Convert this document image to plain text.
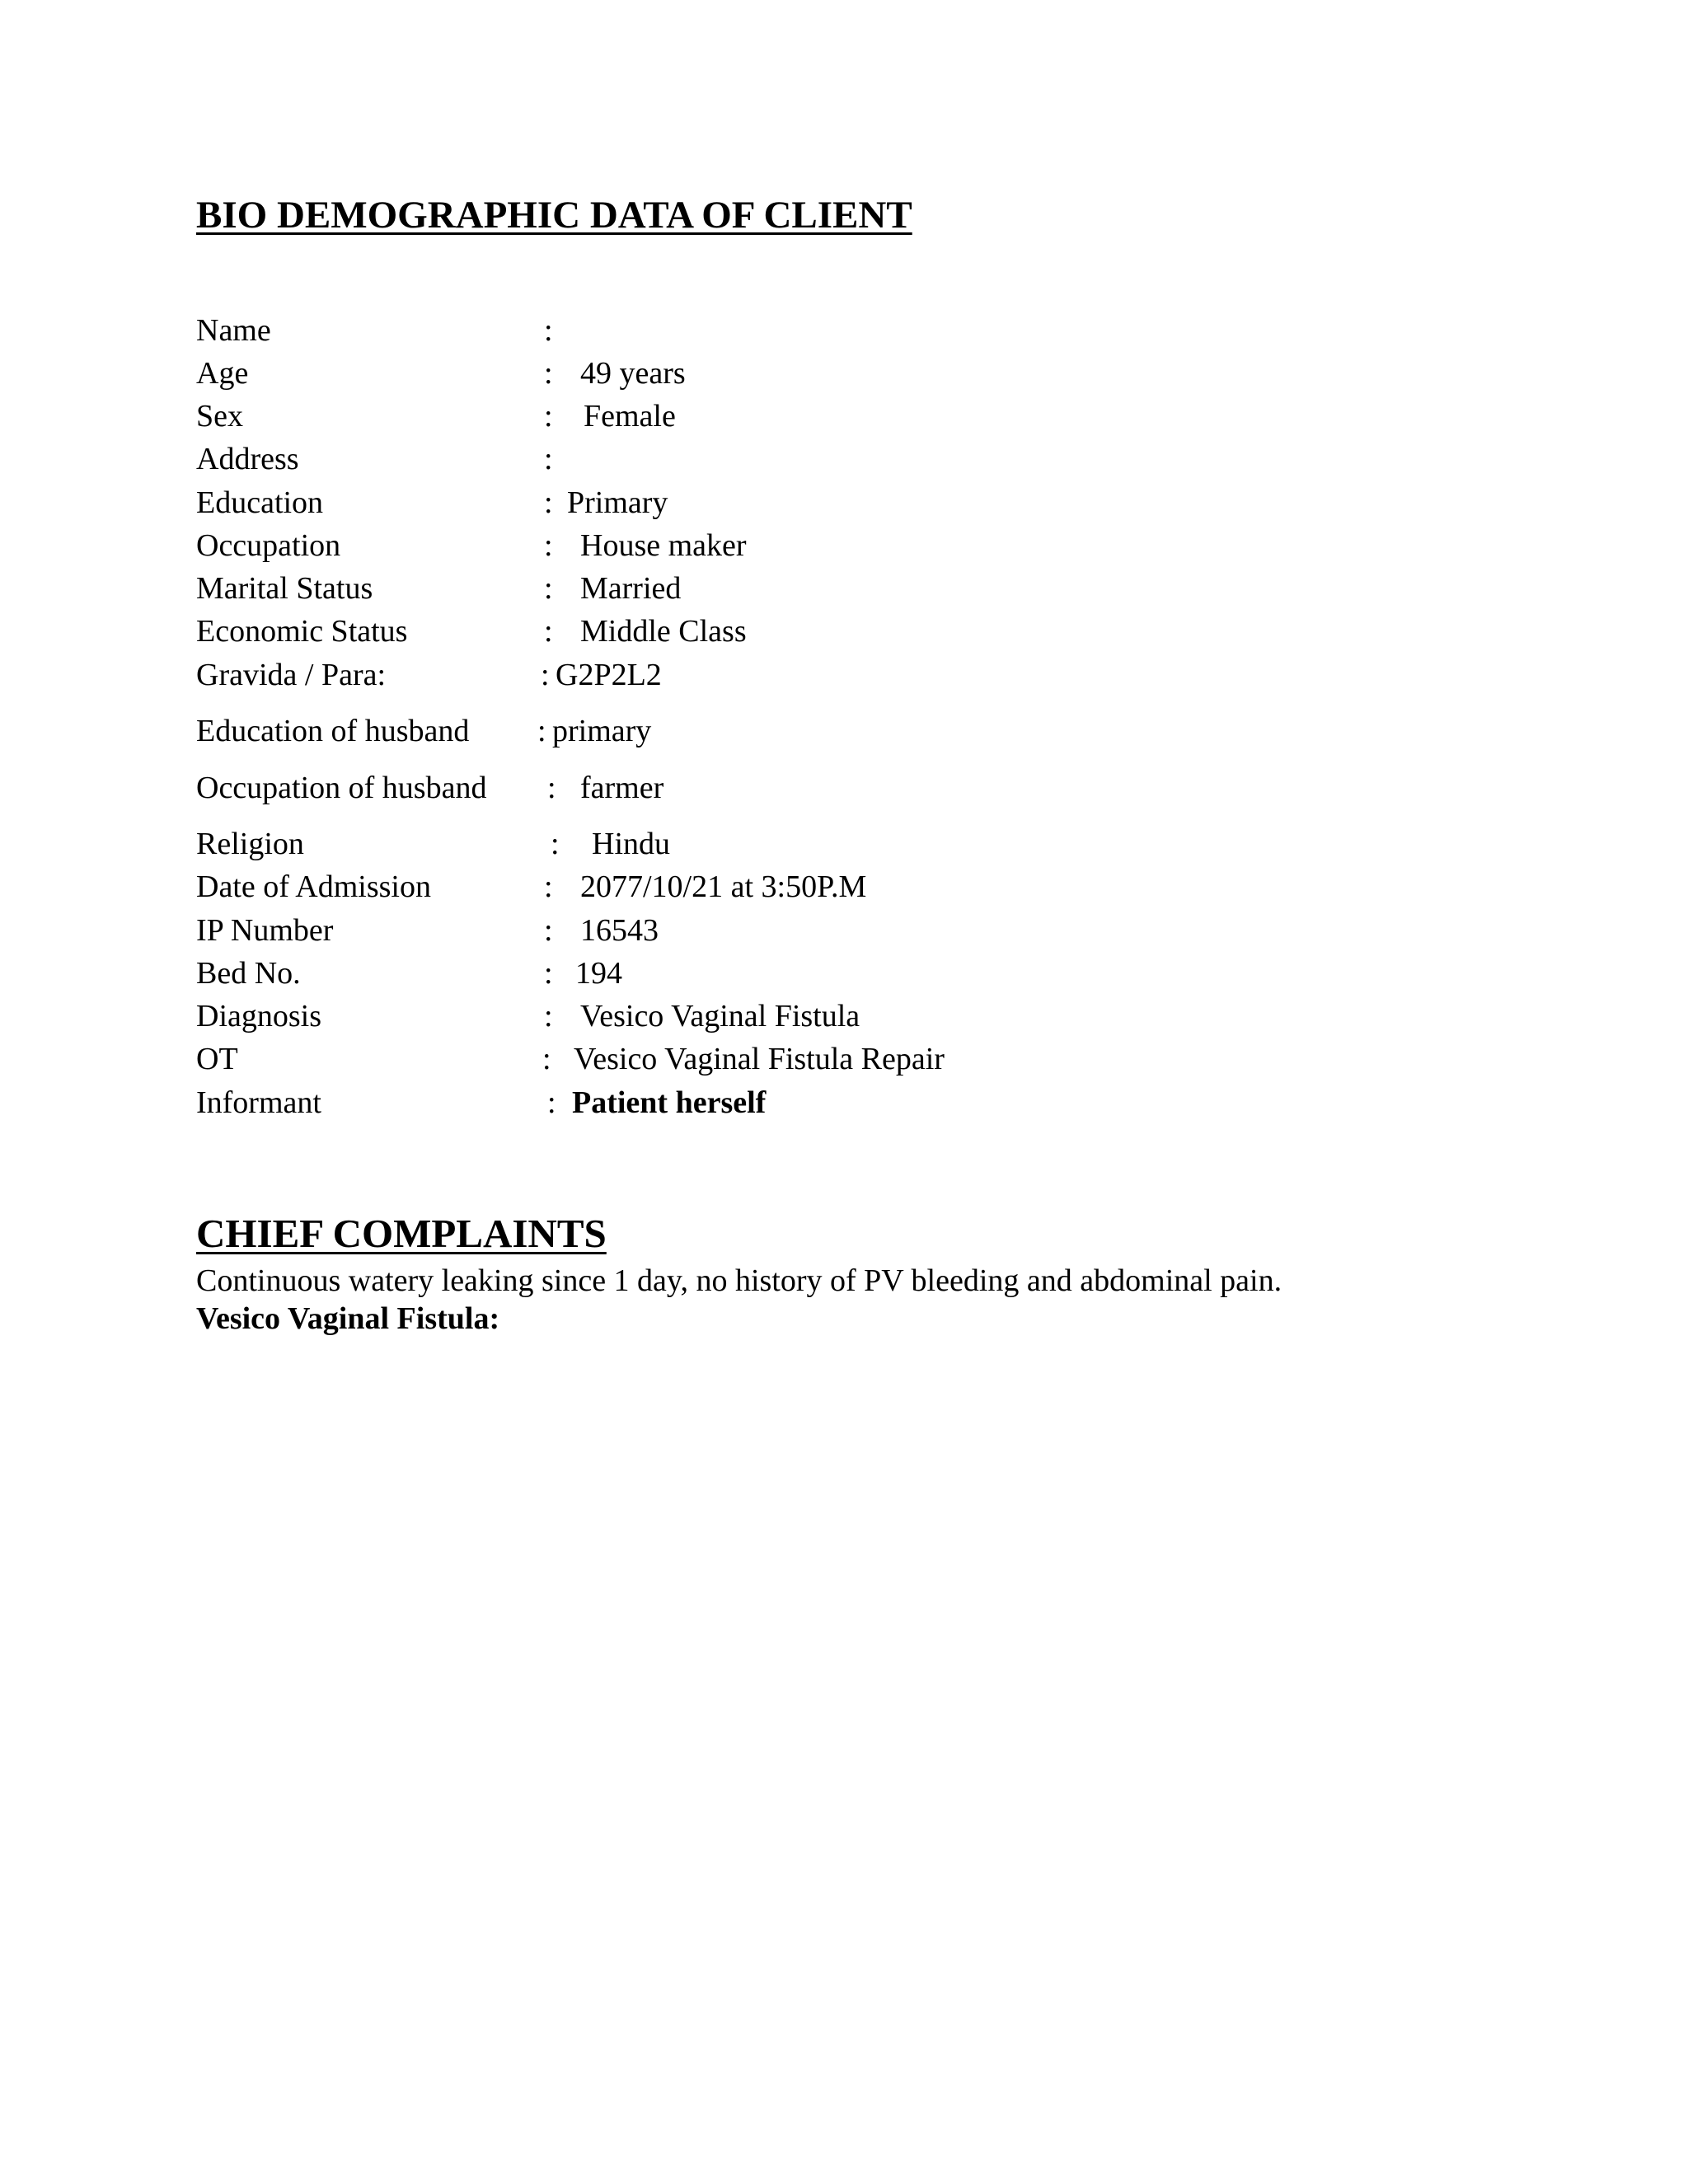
BIO DEMOGRAPHIC DATA OF CLIENT
Name	:
Age	: 49 years
Sex	: Female
Address	:
Education	: Primary
Occupation	: House maker
Marital Status	: Married
Economic Status	: Middle Class
Gravida / Para:	: G2P2L2
Education of husband : primary
Occupation of husband : farmer
Religion	: Hindu
Date of Admission	: 2077/10/21 at 3:50P.M
IP Number	: 16543
Bed No.	: 194
Diagnosis	: Vesico Vaginal Fistula
OT	: Vesico Vaginal Fistula Repair
Informant	: Patient herself
CHIEF COMPLAINTS
Continuous watery leaking since 1 day, no history of PV bleeding and abdominal pain.
Vesico Vaginal Fistula:
